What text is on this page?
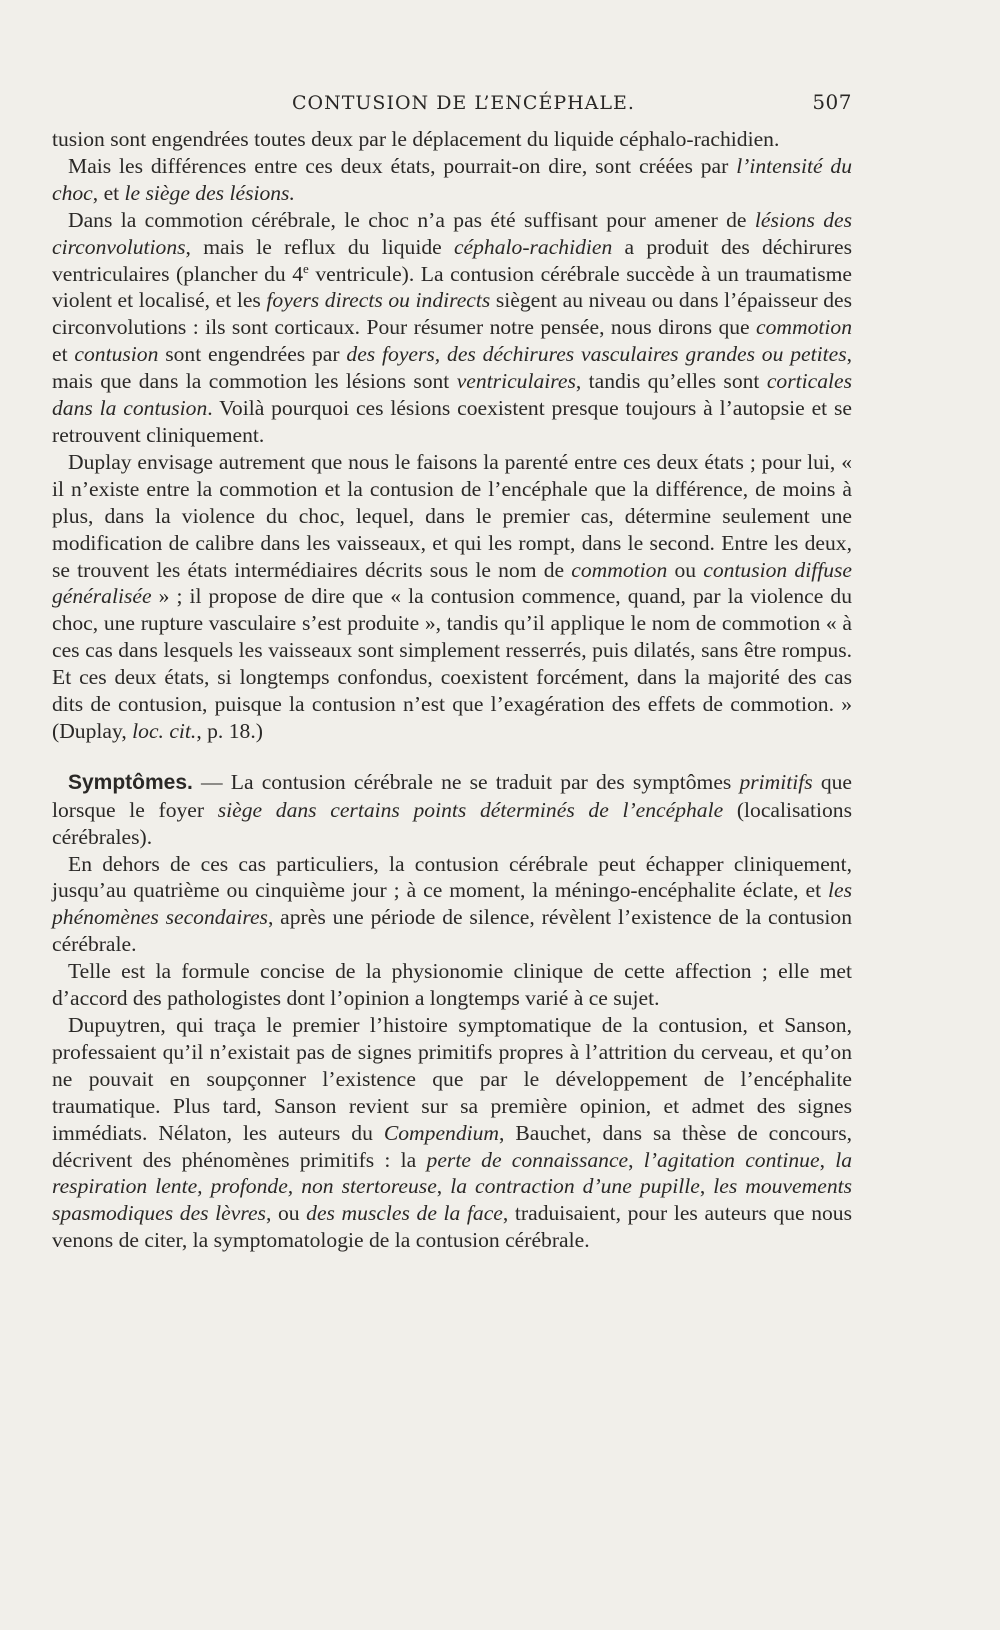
CONTUSION DE L’ENCÉPHALE.	507

tusion sont engendrées toutes deux par le déplacement du liquide céphalo-rachidien.

Mais les différences entre ces deux états, pourrait-on dire, sont créées par l’intensité du choc, et le siège des lésions.

Dans la commotion cérébrale, le choc n’a pas été suffisant pour amener de lésions des circonvolutions, mais le reflux du liquide céphalo-rachidien a produit des déchirures ventriculaires (plancher du 4e ventricule). La contusion cérébrale succède à un traumatisme violent et localisé, et les foyers directs ou indirects siègent au niveau ou dans l’épaisseur des circonvolutions : ils sont corticaux. Pour résumer notre pensée, nous dirons que commotion et contusion sont engendrées par des foyers, des déchirures vasculaires grandes ou petites, mais que dans la commotion les lésions sont ventriculaires, tandis qu’elles sont corticales dans la contusion. Voilà pourquoi ces lésions coexistent presque toujours à l’autopsie et se retrouvent cliniquement.

Duplay envisage autrement que nous le faisons la parenté entre ces deux états ; pour lui, « il n’existe entre la commotion et la contusion de l’encéphale que la différence, de moins à plus, dans la violence du choc, lequel, dans le premier cas, détermine seulement une modification de calibre dans les vaisseaux, et qui les rompt, dans le second. Entre les deux, se trouvent les états intermédiaires décrits sous le nom de commotion ou contusion diffuse généralisée » ; il propose de dire que « la contusion commence, quand, par la violence du choc, une rupture vasculaire s’est produite », tandis qu’il applique le nom de commotion « à ces cas dans lesquels les vaisseaux sont simplement resserrés, puis dilatés, sans être rompus. Et ces deux états, si longtemps confondus, coexistent forcément, dans la majorité des cas dits de contusion, puisque la contusion n’est que l’exagération des effets de commotion. » (Duplay, loc. cit., p. 18.)

Symptômes. — La contusion cérébrale ne se traduit par des symptômes primitifs que lorsque le foyer siège dans certains points déterminés de l’encéphale (localisations cérébrales).

En dehors de ces cas particuliers, la contusion cérébrale peut échapper cliniquement, jusqu’au quatrième ou cinquième jour ; à ce moment, la méningo-encéphalite éclate, et les phénomènes secondaires, après une période de silence, révèlent l’existence de la contusion cérébrale.

Telle est la formule concise de la physionomie clinique de cette affection ; elle met d’accord des pathologistes dont l’opinion a longtemps varié à ce sujet.

Dupuytren, qui traça le premier l’histoire symptomatique de la contusion, et Sanson, professaient qu’il n’existait pas de signes primitifs propres à l’attrition du cerveau, et qu’on ne pouvait en soupçonner l’existence que par le développement de l’encéphalite traumatique. Plus tard, Sanson revient sur sa première opinion, et admet des signes immédiats. Nélaton, les auteurs du Compendium, Bauchet, dans sa thèse de concours, décrivent des phénomènes primitifs : la perte de connaissance, l’agitation continue, la respiration lente, profonde, non stertoreuse, la contraction d’une pupille, les mouvements spasmodiques des lèvres, ou des muscles de la face, traduisaient, pour les auteurs que nous venons de citer, la symptomatologie de la contusion cérébrale.
